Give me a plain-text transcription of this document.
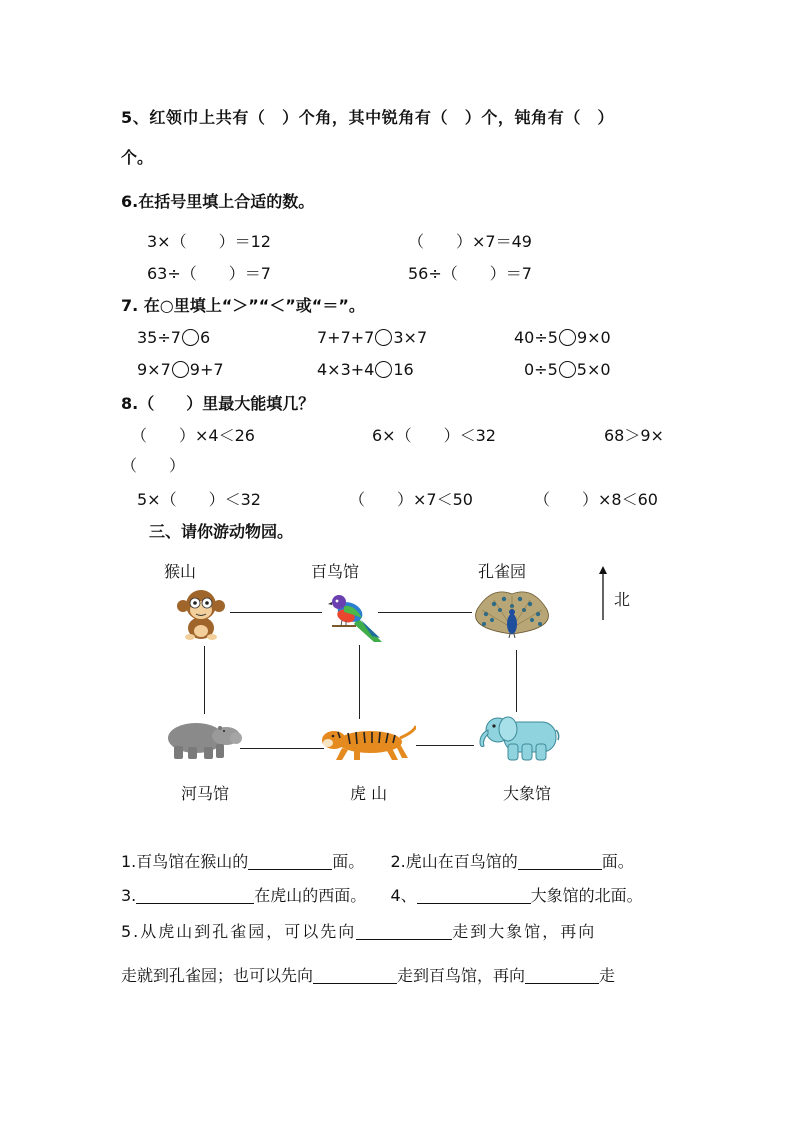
5、红领巾上共有（　）个角，其中锐角有（　）个，钝角有（　）
个。
6.在括号里填上合适的数。
3×（　　）＝12	（　　）×7＝49
63÷（　　）＝7	56÷（　　）＝7
7. 在○里填上“＞”“＜”或“＝”。
35÷7 6	7+7+7 3×7	40÷5 9×0
9×7 9+7	4×3+4 16	0÷5 5×0
8.（　　）里最大能填几？
（　　）×4＜26	6×（　　）＜32	68＞9×
（　　）
5×（　　）＜32	（　　）×7＜50	（　　）×8＜60
三、请你游动物园。
猴山	百鸟馆	孔雀园
河马馆	虎 山	大象馆
北
1.百鸟馆在猴山的	面。 2.虎山在百鸟馆的	面。
3.	在虎山的西面。 4、	大象馆的北面。
5.从虎山到孔雀园，可以先向	走到大象馆，再向
走就到孔雀园；也可以先向	走到百鸟馆，再向	走
